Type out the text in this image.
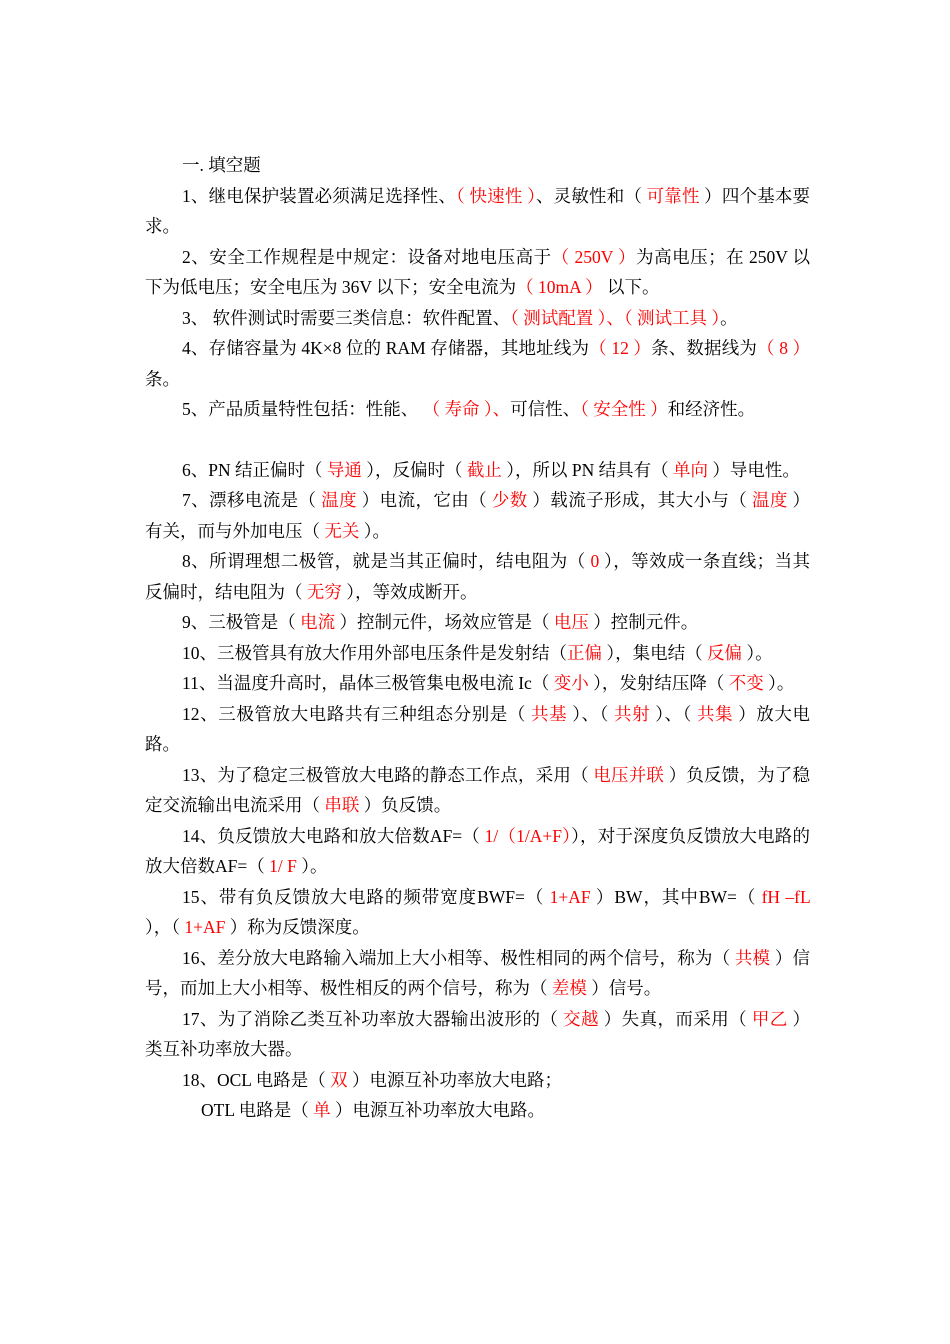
一. 填空题

1、继电保护装置必须满足选择性、（ 快速性 ）、灵敏性和（ 可靠性 ）四个基本要求。

2、安全工作规程是中规定：设备对地电压高于（ 250V ）为高电压；在 250V 以下为低电压；安全电压为 36V 以下；安全电流为（ 10mA ） 以下。

3、 软件测试时需要三类信息：软件配置、（ 测试配置 ）、（ 测试工具 ）。

4、存储容量为 4K×8 位的 RAM 存储器，其地址线为（ 12 ）条、数据线为（ 8 ） 条。

5、产品质量特性包括：性能、 （ 寿命 ）、可信性、（ 安全性 ）和经济性。

6、PN 结正偏时（ 导通 ），反偏时（ 截止 ），所以 PN 结具有（ 单向 ）导电性。

7、漂移电流是（ 温度 ）电流，它由（ 少数 ）载流子形成，其大小与（ 温度 ）有关，而与外加电压（ 无关 ）。

8、所谓理想二极管，就是当其正偏时，结电阻为（ 0 ），等效成一条直线；当其反偏时，结电阻为（ 无穷 ），等效成断开。

9、三极管是（ 电流 ）控制元件，场效应管是（ 电压 ）控制元件。

10、三极管具有放大作用外部电压条件是发射结（正偏 ），集电结（ 反偏 ）。

11、当温度升高时，晶体三极管集电极电流 Ic（ 变小 ），发射结压降（ 不变 ）。

12、三极管放大电路共有三种组态分别是（ 共基 ）、（ 共射 ）、（ 共集 ）放大电路。

13、为了稳定三极管放大电路的静态工作点，采用（ 电压并联 ）负反馈，为了稳定交流输出电流采用（ 串联 ）负反馈。

14、负反馈放大电路和放大倍数AF=（ 1/（1/A+F）），对于深度负反馈放大电路的放大倍数AF=（ 1/ F ）。

15、带有负反馈放大电路的频带宽度BWF=（ 1+AF ）BW，其中BW=（ fH –fL ），（ 1+AF ）称为反馈深度。

16、差分放大电路输入端加上大小相等、极性相同的两个信号，称为（ 共模 ）信号，而加上大小相等、极性相反的两个信号，称为（ 差模 ）信号。

17、为了消除乙类互补功率放大器输出波形的（ 交越 ）失真，而采用（ 甲乙 ）类互补功率放大器。

18、OCL 电路是（ 双 ）电源互补功率放大电路；

OTL 电路是（ 单 ）电源互补功率放大电路。
